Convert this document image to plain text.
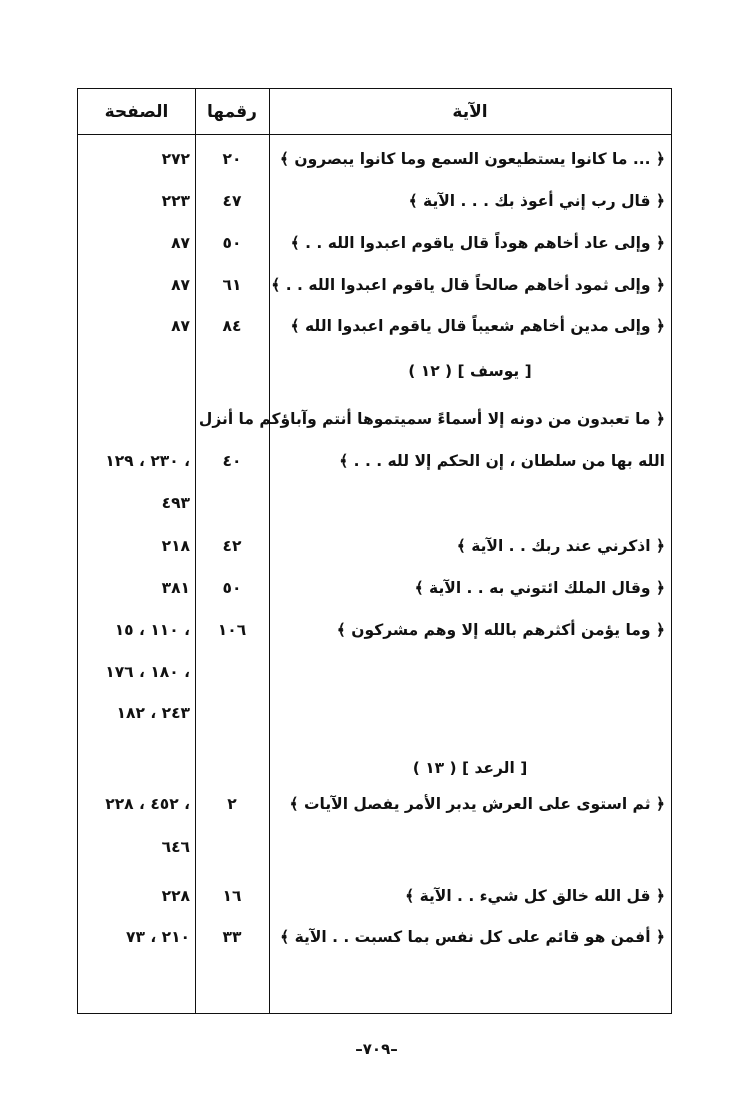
الصفحة	رقمها	الآية
٢٧٢	٢٠	﴿ ... ما كانوا يستطيعون السمع وما كانوا يبصرون ﴾
٢٢٣	٤٧	﴿ قال رب إني أعوذ بك . . . الآية ﴾
٨٧	٥٠	﴿ وإلى عاد أخاهم هوداً قال ياقوم اعبدوا الله . . ﴾
٨٧	٦١	﴿ وإلى ثمود أخاهم صالحاً قال ياقوم اعبدوا الله . . ﴾
٨٧	٨٤	﴿ وإلى مدين أخاهم شعيباً قال ياقوم اعبدوا الله ﴾
[ يوسف ] ( ١٢ )
﴿ ما تعبدون من دونه إلا أسماءً سميتموها أنتم وآباؤكم ما أنزل
، ٢٣٠ ، ١٢٩	٤٠	الله بها من سلطان ، إن الحكم إلا لله . . . ﴾
٤٩٣
٢١٨	٤٢	﴿ اذكرني عند ربك . . الآية ﴾
٣٨١	٥٠	﴿ وقال الملك ائتوني به . . الآية ﴾
، ١١٠ ، ١٥	١٠٦	﴿ وما يؤمن أكثرهم بالله إلا وهم مشركون ﴾
، ١٨٠ ، ١٧٦
٢٤٣ ، ١٨٢
[ الرعد ] ( ١٣ )
، ٤٥٢ ، ٢٢٨	٢	﴿ ثم استوى على العرش يدبر الأمر يفصل الآيات ﴾
٦٤٦
٢٢٨	١٦	﴿ قل الله خالق كل شيء . . الآية ﴾
٢١٠ ، ٧٣	٣٣	﴿ أفمن هو قائم على كل نفس بما كسبت . . الآية ﴾
–٧٠٩–
